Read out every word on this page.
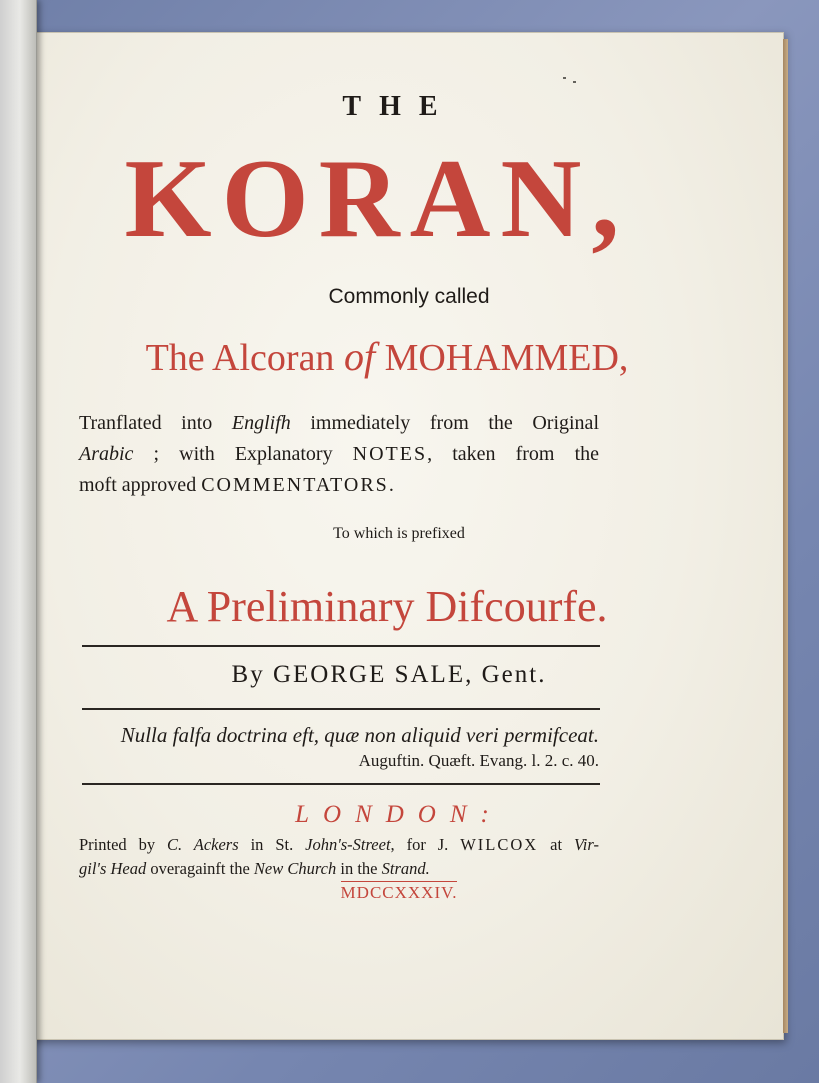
THE
KORAN,
Commonly called
The Alcoran of MOHAMMED,
Tranflated into Englifh immediately from the Original
Arabic ; with Explanatory NOTES, taken from the
moft approved COMMENTATORS.
To which is prefixed
A Preliminary Difcourfe.
By GEORGE SALE, Gent.
Nulla falfa doctrina eft, quæ non aliquid veri permifceat.
Auguftin. Quæft. Evang. l. 2. c. 40.
LONDON:
Printed by C. Ackers in St. John's-Street, for J. WILCOX at Vir-
gil's Head overagainft the New Church in the Strand.
MDCCXXXIV.
